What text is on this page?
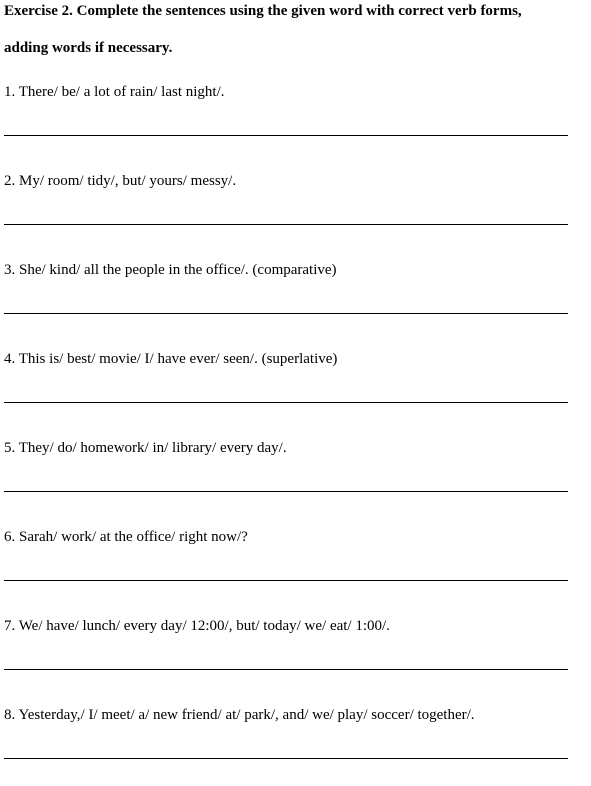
Exercise 2. Complete the sentences using the given word with correct verb forms,
adding words if necessary.
1. There/ be/ a lot of rain/ last night/.
2. My/ room/ tidy/, but/ yours/ messy/.
3. She/ kind/ all the people in the office/. (comparative)
4. This is/ best/ movie/ I/ have ever/ seen/. (superlative)
5. They/ do/ homework/ in/ library/ every day/.
6. Sarah/ work/ at the office/ right now/?
7. We/ have/ lunch/ every day/ 12:00/, but/ today/ we/ eat/ 1:00/.
8. Yesterday,/ I/ meet/ a/ new friend/ at/ park/, and/ we/ play/ soccer/ together/.
